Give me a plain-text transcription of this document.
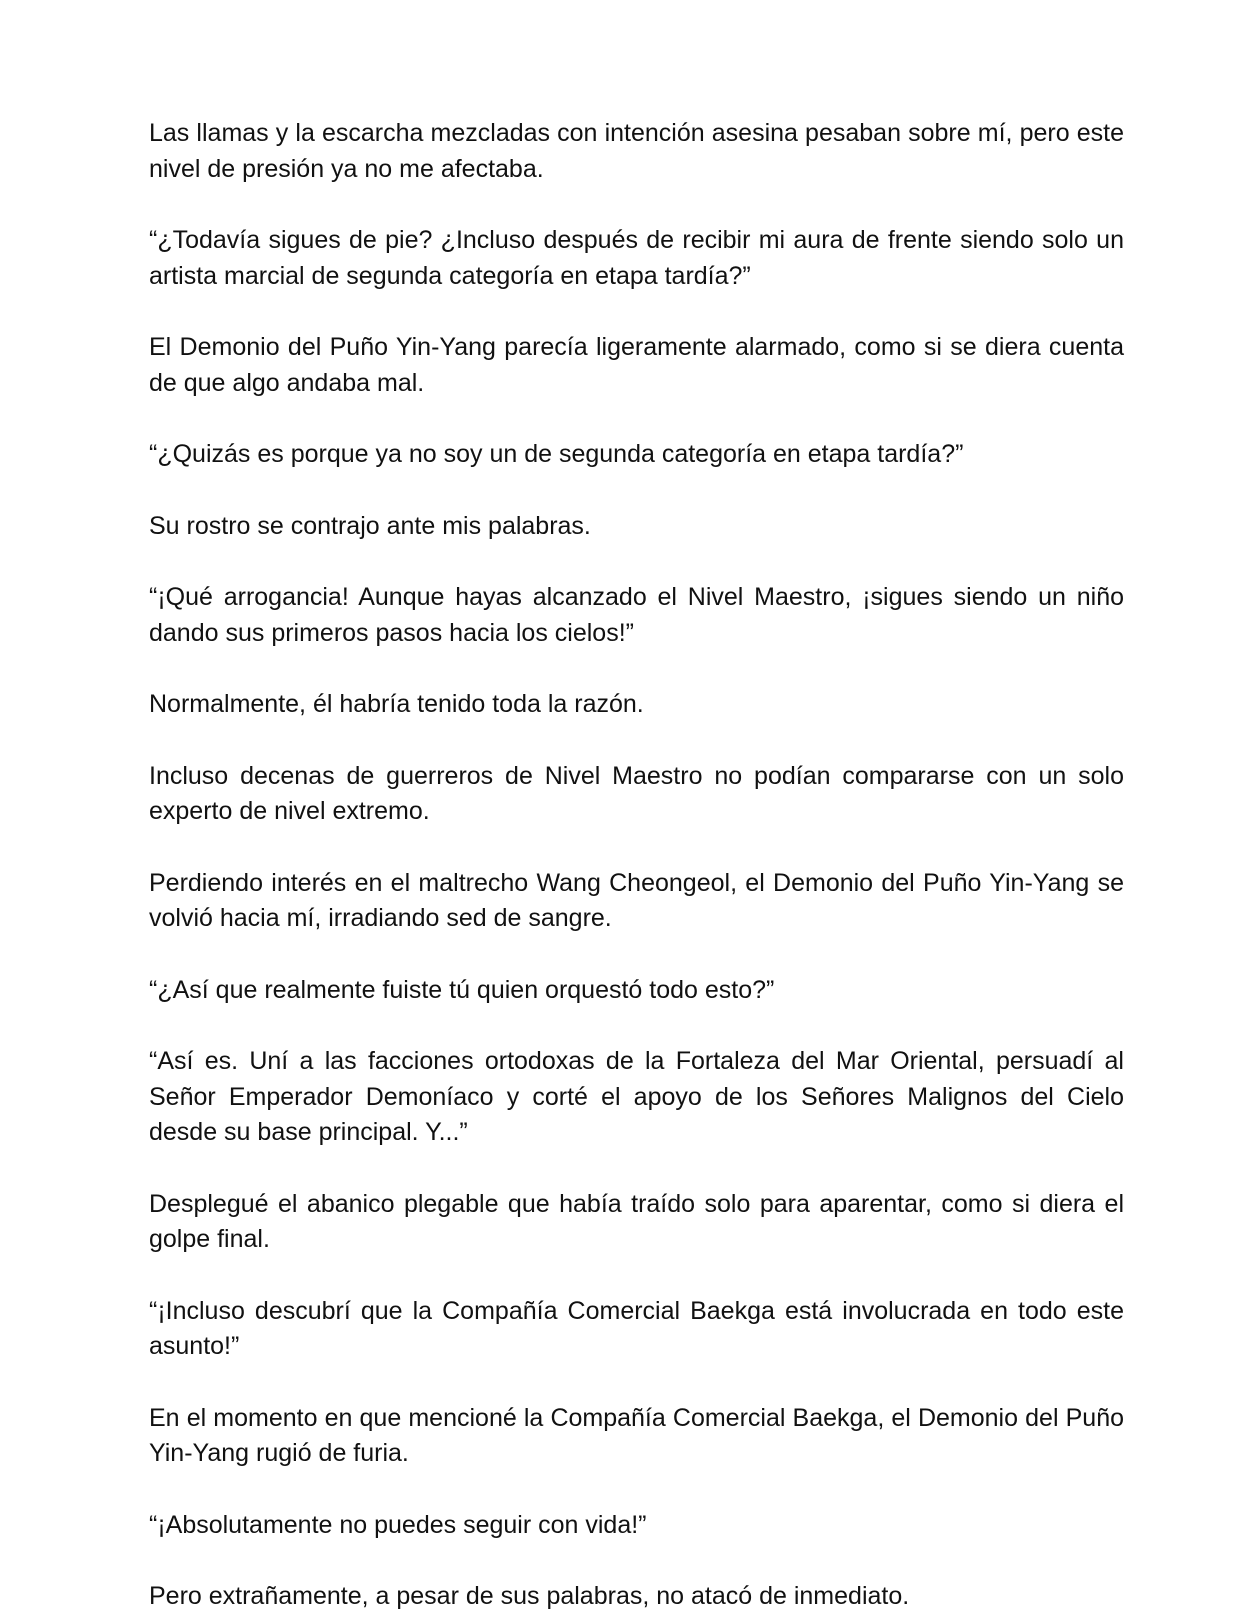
Las llamas y la escarcha mezcladas con intención asesina pesaban sobre mí, pero este nivel de presión ya no me afectaba.

“¿Todavía sigues de pie? ¿Incluso después de recibir mi aura de frente siendo solo un artista marcial de segunda categoría en etapa tardía?”

El Demonio del Puño Yin-Yang parecía ligeramente alarmado, como si se diera cuenta de que algo andaba mal.

“¿Quizás es porque ya no soy un de segunda categoría en etapa tardía?”

Su rostro se contrajo ante mis palabras.

“¡Qué arrogancia! Aunque hayas alcanzado el Nivel Maestro, ¡sigues siendo un niño dando sus primeros pasos hacia los cielos!”

Normalmente, él habría tenido toda la razón.

Incluso decenas de guerreros de Nivel Maestro no podían compararse con un solo experto de nivel extremo.

Perdiendo interés en el maltrecho Wang Cheongeol, el Demonio del Puño Yin-Yang se volvió hacia mí, irradiando sed de sangre.

“¿Así que realmente fuiste tú quien orquestó todo esto?”

“Así es. Uní a las facciones ortodoxas de la Fortaleza del Mar Oriental, persuadí al Señor Emperador Demoníaco y corté el apoyo de los Señores Malignos del Cielo desde su base principal. Y...”

Desplegué el abanico plegable que había traído solo para aparentar, como si diera el golpe final.

“¡Incluso descubrí que la Compañía Comercial Baekga está involucrada en todo este asunto!”

En el momento en que mencioné la Compañía Comercial Baekga, el Demonio del Puño Yin-Yang rugió de furia.

“¡Absolutamente no puedes seguir con vida!”

Pero extrañamente, a pesar de sus palabras, no atacó de inmediato.
